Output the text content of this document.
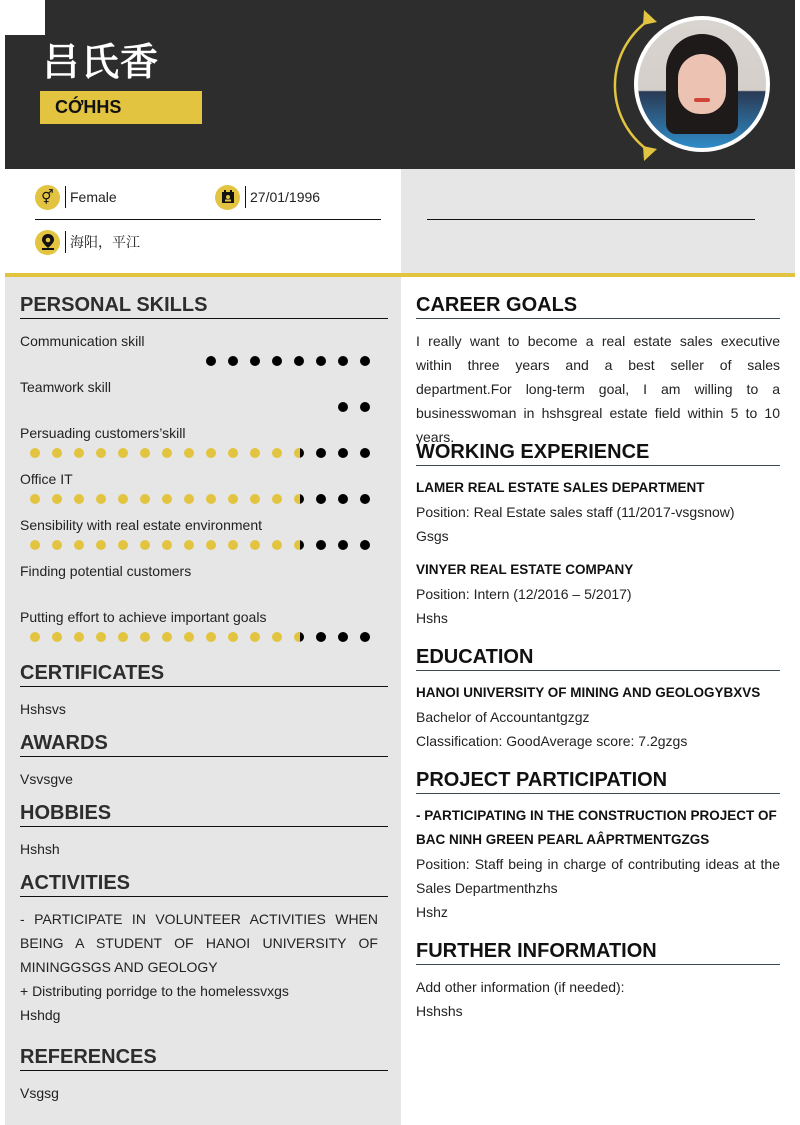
吕氏香
CỚHHS
⚥	Female	27/01/1996
海阳，平江
PERSONAL SKILLS
Communication skill
Teamwork skill
Persuading customers’skill
Office IT
Sensibility with real estate environment
Finding potential customers
Putting effort to achieve important goals
CERTIFICATES
Hshsvs
AWARDS
Vsvsgve
HOBBIES
Hshsh
ACTIVITIES
- PARTICIPATE IN VOLUNTEER ACTIVITIES WHEN BEING A STUDENT OF HANOI UNIVERSITY OF MININGGSGS AND GEOLOGY
+ Distributing porridge to the homelessvxgs
Hshdg
REFERENCES
Vsgsg
CAREER GOALS
I really want to become a real estate sales executive within three years and a best seller of sales department.For long-term goal, I am willing to a businesswoman in hshsgreal estate field within 5 to 10 years.
WORKING EXPERIENCE
LAMER REAL ESTATE SALES DEPARTMENT
Position: Real Estate sales staff (11/2017-vsgsnow)
Gsgs
VINYER REAL ESTATE COMPANY
Position: Intern (12/2016 – 5/2017)
Hshs
EDUCATION
HANOI UNIVERSITY OF MINING AND GEOLOGYBXVS
Bachelor of Accountantgzgz
Classification: GoodAverage score: 7.2gzgs
PROJECT PARTICIPATION
- PARTICIPATING IN THE CONSTRUCTION PROJECT OF
BAC NINH GREEN PEARL AÂPRTMENTGZGS
Position: Staff being in charge of contributing ideas at the Sales Departmenthzhs
Hshz
FURTHER INFORMATION
Add other information (if needed):
Hshshs
